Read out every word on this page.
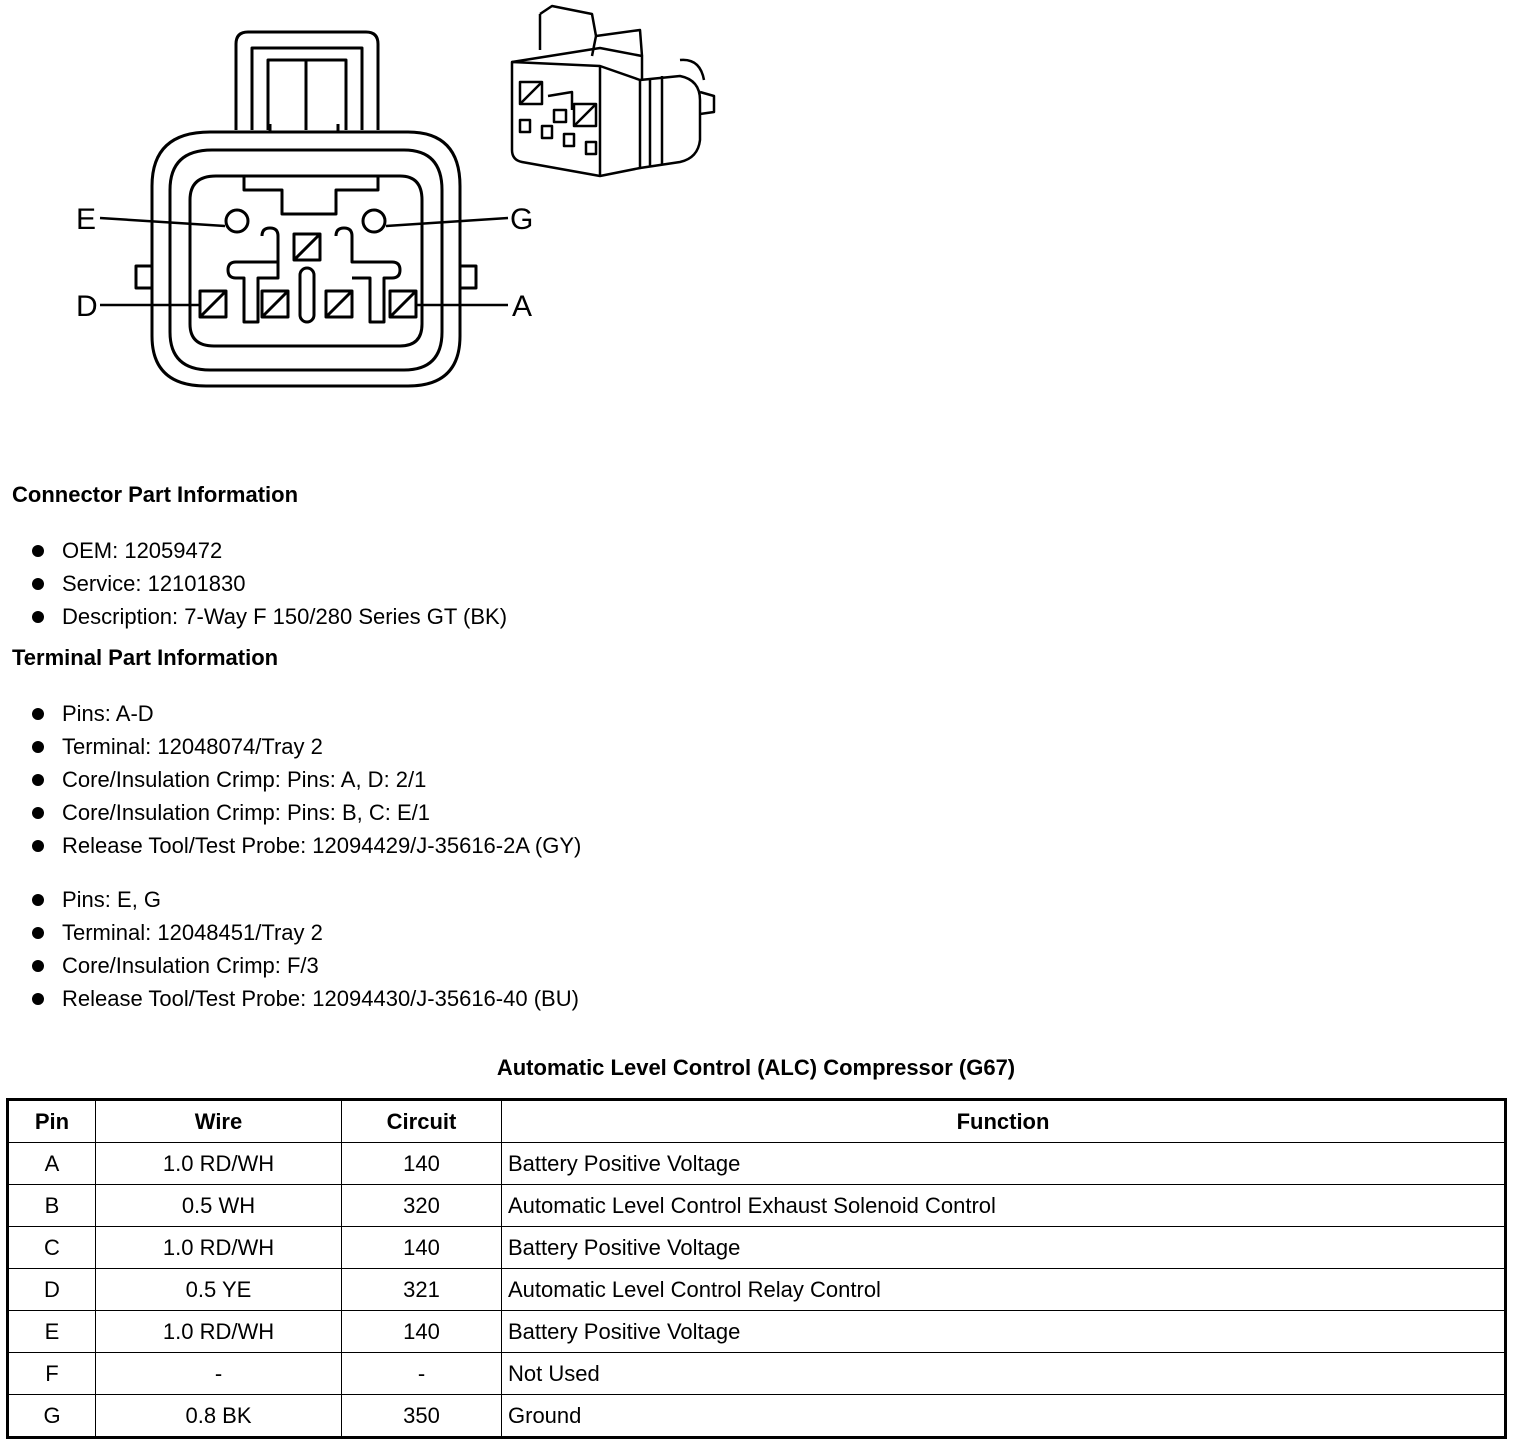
E	G
D	A
Connector Part Information
OEM: 12059472
Service: 12101830
Description: 7-Way F 150/280 Series GT (BK)
Terminal Part Information
Pins: A-D
Terminal: 12048074/Tray 2
Core/Insulation Crimp: Pins: A, D: 2/1
Core/Insulation Crimp: Pins: B, C: E/1
Release Tool/Test Probe: 12094429/J-35616-2A (GY)
Pins: E, G
Terminal: 12048451/Tray 2
Core/Insulation Crimp: F/3
Release Tool/Test Probe: 12094430/J-35616-40 (BU)
Automatic Level Control (ALC) Compressor (G67)
Pin	Wire	Circuit	Function
A	1.0 RD/WH	140	Battery Positive Voltage
B	0.5 WH	320	Automatic Level Control Exhaust Solenoid Control
C	1.0 RD/WH	140	Battery Positive Voltage
D	0.5 YE	321	Automatic Level Control Relay Control
E	1.0 RD/WH	140	Battery Positive Voltage
F	-	-	Not Used
G	0.8 BK	350	Ground
